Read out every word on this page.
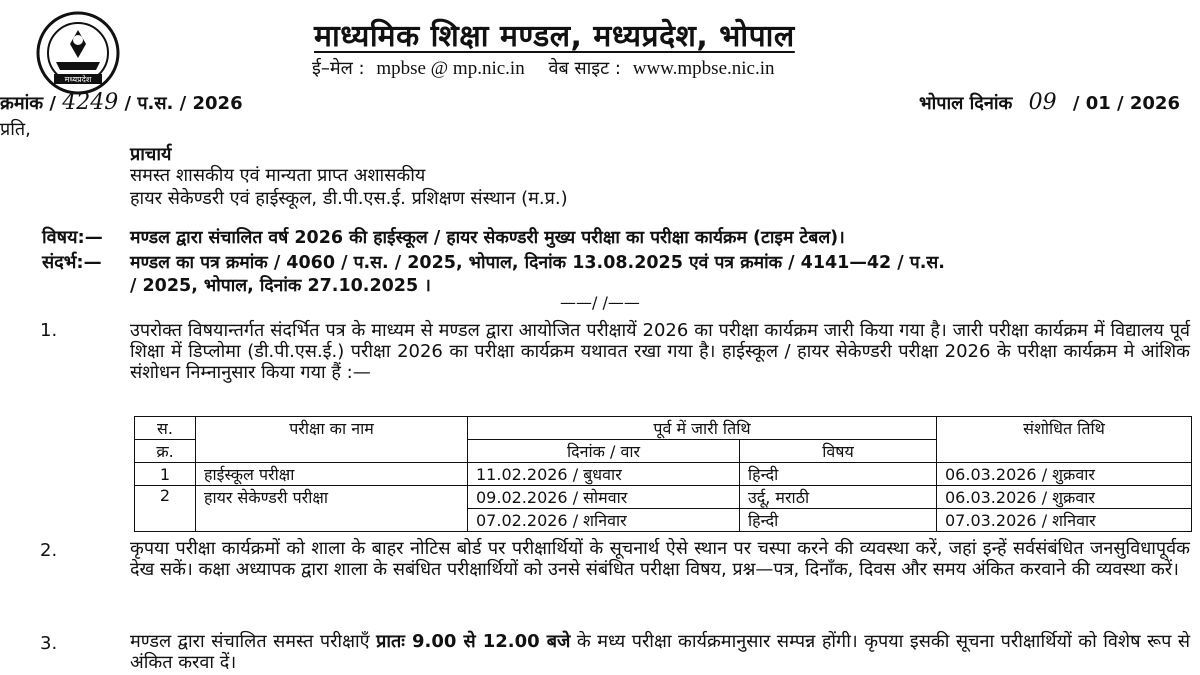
मध्यप्रदेश
माध्यमिक शिक्षा मण्डल, मध्यप्रदेश, भोपाल
ई–मेल : mpbse @ mp.nic.in वेब साइट : www.mpbse.nic.in
क्रमांक / 4249 / प.स. / 2026	भोपाल दिनांक 09 / 01 / 2026
प्रति,
प्राचार्य
समस्त शासकीय एवं मान्यता प्राप्त अशासकीय
हायर सेकेण्डरी एवं हाईस्कूल, डी.पी.एस.ई. प्रशिक्षण संस्थान (म.प्र.)
विषय:— मण्डल द्वारा संचालित वर्ष 2026 की हाईस्कूल / हायर सेकण्डरी मुख्य परीक्षा का परीक्षा कार्यक्रम (टाइम टेबल)।
संदर्भ:— मण्डल का पत्र क्रमांक / 4060 / प.स. / 2025, भोपाल, दिनांक 13.08.2025 एवं पत्र क्रमांक / 4141—42 / प.स.
/ 2025, भोपाल, दिनांक 27.10.2025 ।
——/ /——
1.	उपरोक्त विषयान्तर्गत संदर्भित पत्र के माध्यम से मण्डल द्वारा आयोजित परीक्षायें 2026 का परीक्षा कार्यक्रम जारी किया गया है। जारी परीक्षा कार्यक्रम में विद्यालय पूर्व शिक्षा में डिप्लोमा (डी.पी.एस.ई.) परीक्षा 2026 का परीक्षा कार्यक्रम यथावत रखा गया है। हाईस्कूल / हायर सेकेण्डरी परीक्षा 2026 के परीक्षा कार्यक्रम मे आंशिक संशोधन निम्नानुसार किया गया हैं :—
स.	परीक्षा का नाम	पूर्व में जारी तिथि		संशोधित तिथि
क्र.		दिनांक / वार	विषय	
1	हाईस्कूल परीक्षा	11.02.2026 / बुधवार	हिन्दी	06.03.2026 / शुक्रवार
2	हायर सेकेण्डरी परीक्षा	09.02.2026 / सोमवार	उर्दू, मराठी	06.03.2026 / शुक्रवार
		07.02.2026 / शनिवार	हिन्दी	07.03.2026 / शनिवार
2.	कृपया परीक्षा कार्यक्रमों को शाला के बाहर नोटिस बोर्ड पर परीक्षार्थियों के सूचनार्थ ऐसे स्थान पर चस्पा करने की व्यवस्था करें, जहां इन्हें सर्वसंबंधित जनसुविधापूर्वक देख सकें। कक्षा अध्यापक द्वारा शाला के सबंधित परीक्षार्थियों को उनसे संबंधित परीक्षा विषय, प्रश्न—पत्र, दिनाँक, दिवस और समय अंकित करवाने की व्यवस्था करें।
3.	मण्डल द्वारा संचालित समस्त परीक्षाएँ प्रातः 9.00 से 12.00 बजे के मध्य परीक्षा कार्यक्रमानुसार सम्पन्न होंगी। कृपया इसकी सूचना परीक्षार्थियों को विशेष रूप से अंकित करवा दें।
